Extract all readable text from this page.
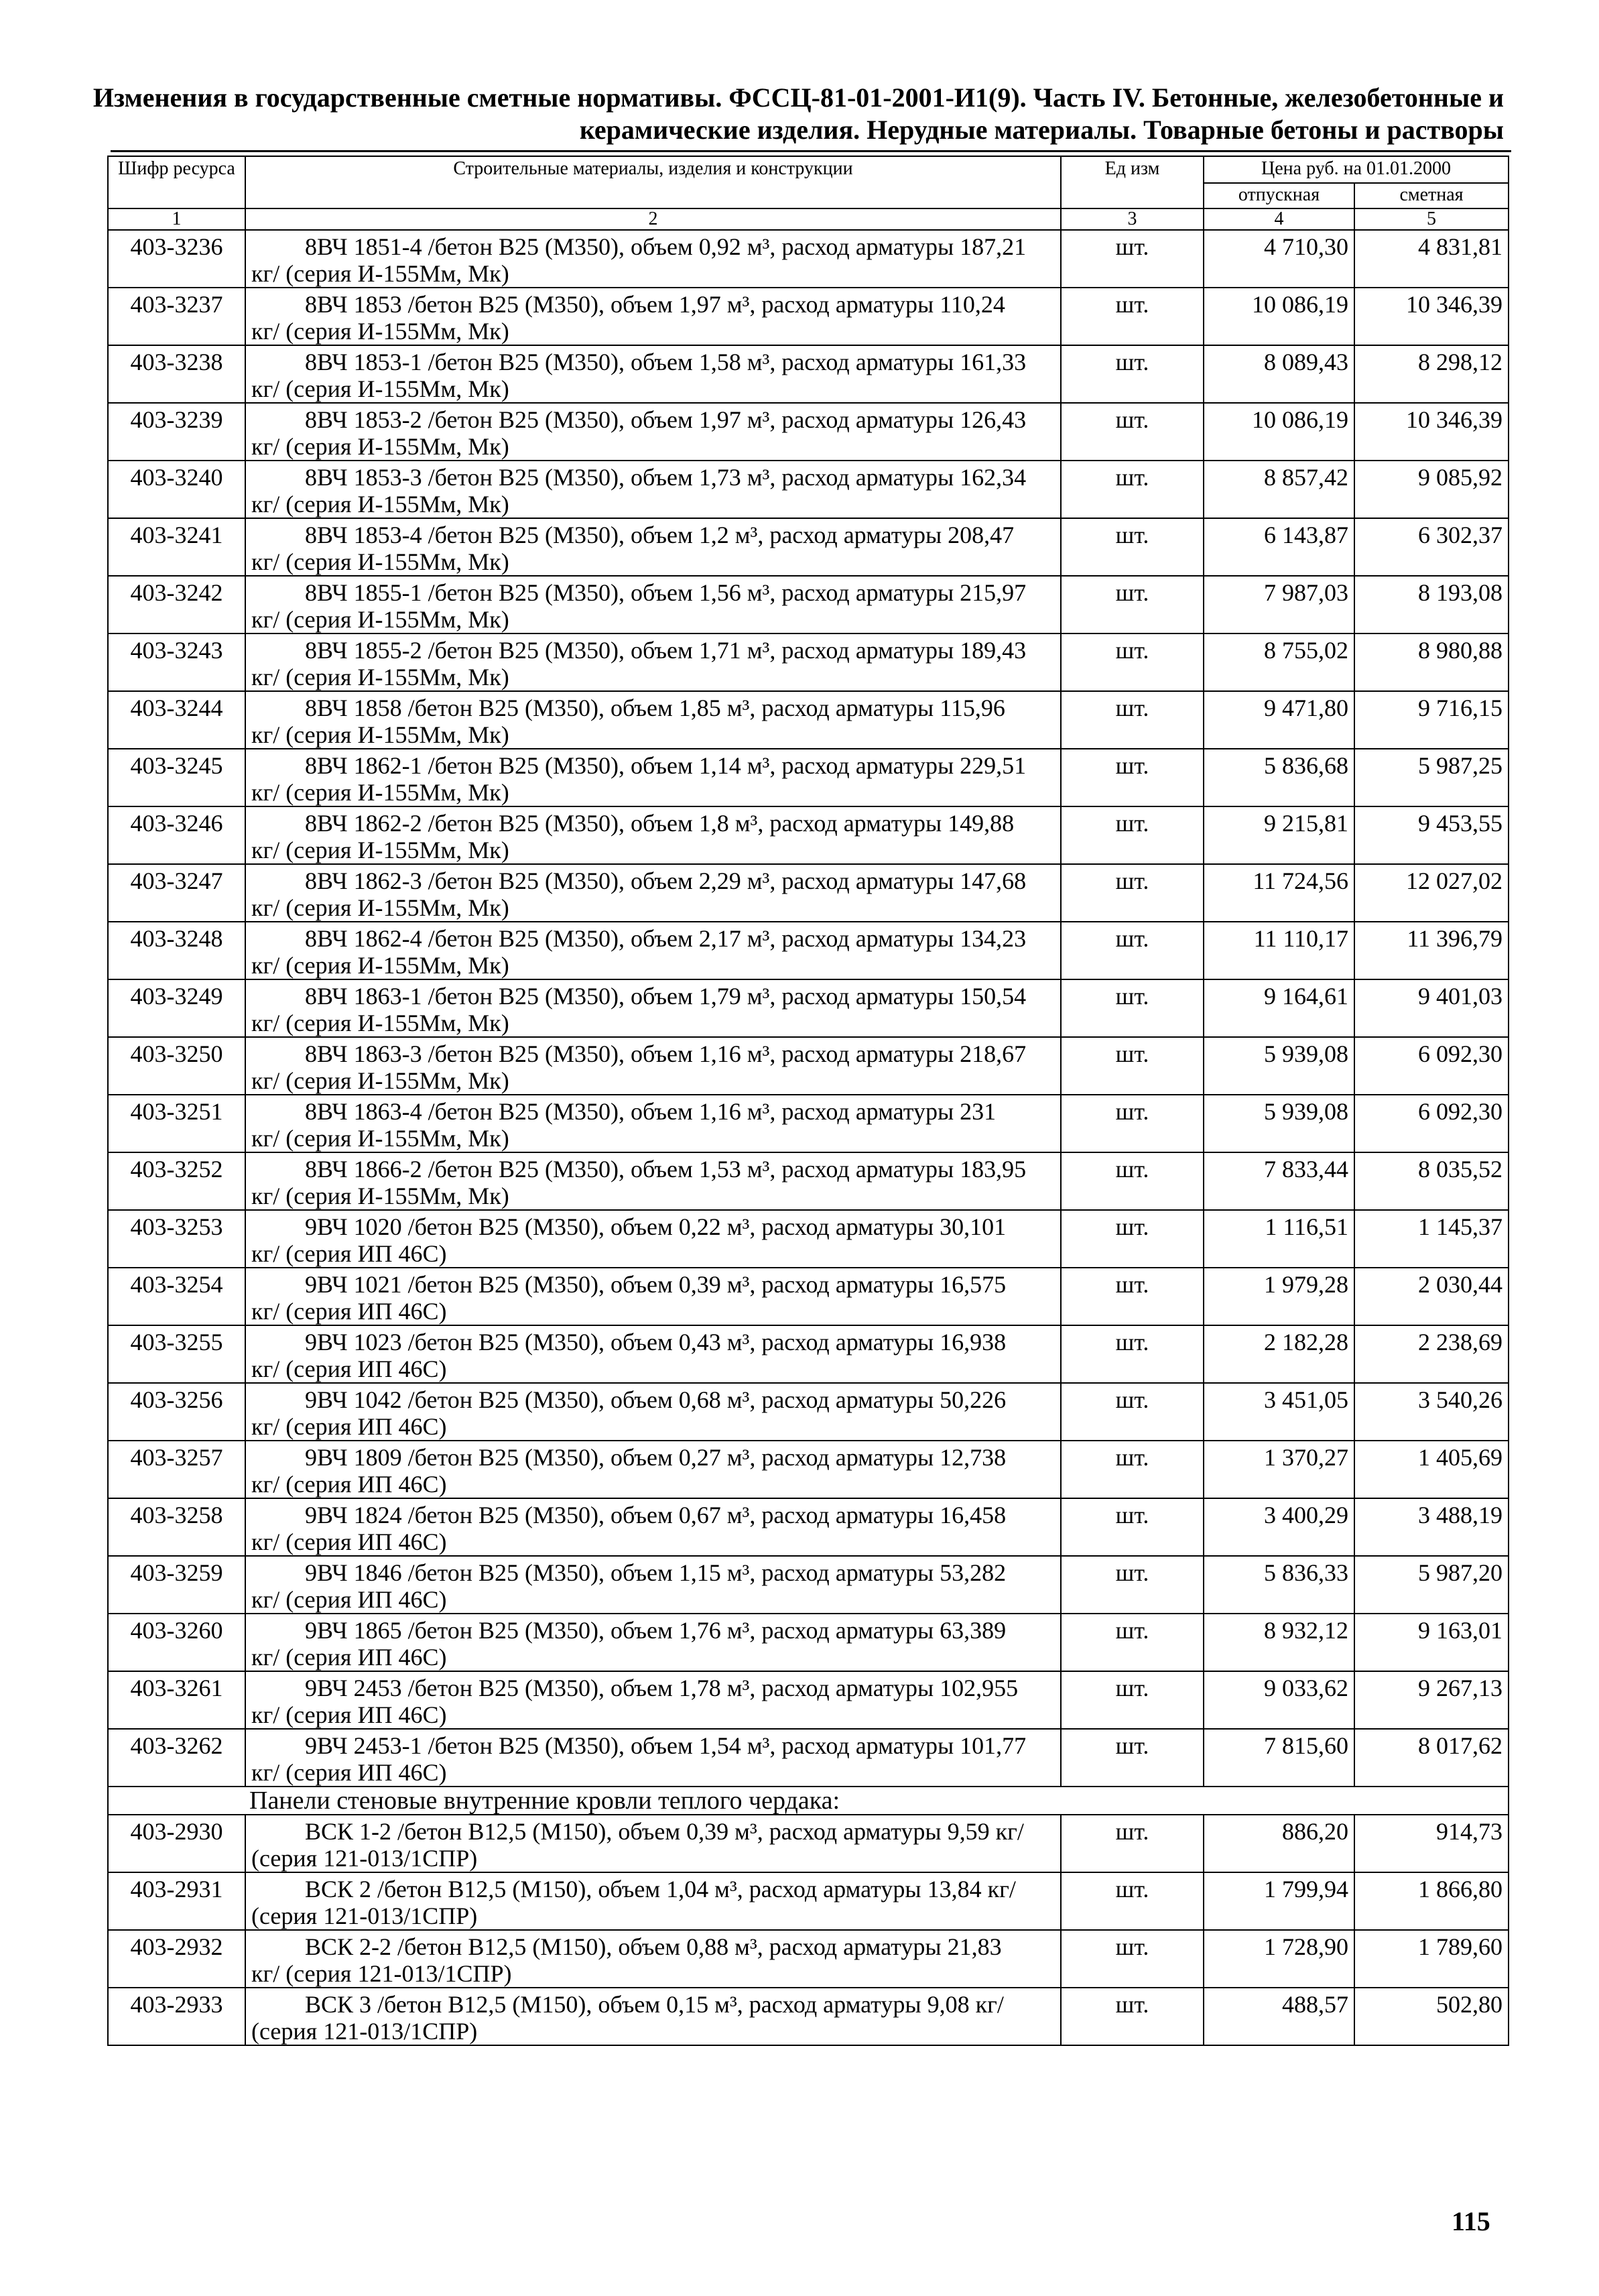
Изменения в государственные сметные нормативы. ФССЦ-81-01-2001-И1(9). Часть IV. Бетонные, железобетонные и
керамические изделия. Нерудные материалы. Товарные бетоны и растворы
Шифр ресурса	Строительные материалы, изделия и конструкции	Ед изм	Цена руб. на 01.01.2000	
			отпускная	сметная
1	2	3	4	5
403-3236	8ВЧ 1851-4 /бетон В25 (М350), объем 0,92 м³, расход арматуры 187,21
кг/ (серия И-155Мм, Мк)	шт.	4 710,30	4 831,81
403-3237	8ВЧ 1853 /бетон В25 (М350), объем 1,97 м³, расход арматуры 110,24
кг/ (серия И-155Мм, Мк)	шт.	10 086,19	10 346,39
403-3238	8ВЧ 1853-1 /бетон В25 (М350), объем 1,58 м³, расход арматуры 161,33
кг/ (серия И-155Мм, Мк)	шт.	8 089,43	8 298,12
403-3239	8ВЧ 1853-2 /бетон В25 (М350), объем 1,97 м³, расход арматуры 126,43
кг/ (серия И-155Мм, Мк)	шт.	10 086,19	10 346,39
403-3240	8ВЧ 1853-3 /бетон В25 (М350), объем 1,73 м³, расход арматуры 162,34
кг/ (серия И-155Мм, Мк)	шт.	8 857,42	9 085,92
403-3241	8ВЧ 1853-4 /бетон В25 (М350), объем 1,2 м³, расход арматуры 208,47
кг/ (серия И-155Мм, Мк)	шт.	6 143,87	6 302,37
403-3242	8ВЧ 1855-1 /бетон В25 (М350), объем 1,56 м³, расход арматуры 215,97
кг/ (серия И-155Мм, Мк)	шт.	7 987,03	8 193,08
403-3243	8ВЧ 1855-2 /бетон В25 (М350), объем 1,71 м³, расход арматуры 189,43
кг/ (серия И-155Мм, Мк)	шт.	8 755,02	8 980,88
403-3244	8ВЧ 1858 /бетон В25 (М350), объем 1,85 м³, расход арматуры 115,96
кг/ (серия И-155Мм, Мк)	шт.	9 471,80	9 716,15
403-3245	8ВЧ 1862-1 /бетон В25 (М350), объем 1,14 м³, расход арматуры 229,51
кг/ (серия И-155Мм, Мк)	шт.	5 836,68	5 987,25
403-3246	8ВЧ 1862-2 /бетон В25 (М350), объем 1,8 м³, расход арматуры 149,88
кг/ (серия И-155Мм, Мк)	шт.	9 215,81	9 453,55
403-3247	8ВЧ 1862-3 /бетон В25 (М350), объем 2,29 м³, расход арматуры 147,68
кг/ (серия И-155Мм, Мк)	шт.	11 724,56	12 027,02
403-3248	8ВЧ 1862-4 /бетон В25 (М350), объем 2,17 м³, расход арматуры 134,23
кг/ (серия И-155Мм, Мк)	шт.	11 110,17	11 396,79
403-3249	8ВЧ 1863-1 /бетон В25 (М350), объем 1,79 м³, расход арматуры 150,54
кг/ (серия И-155Мм, Мк)	шт.	9 164,61	9 401,03
403-3250	8ВЧ 1863-3 /бетон В25 (М350), объем 1,16 м³, расход арматуры 218,67
кг/ (серия И-155Мм, Мк)	шт.	5 939,08	6 092,30
403-3251	8ВЧ 1863-4 /бетон В25 (М350), объем 1,16 м³, расход арматуры 231
кг/ (серия И-155Мм, Мк)	шт.	5 939,08	6 092,30
403-3252	8ВЧ 1866-2 /бетон В25 (М350), объем 1,53 м³, расход арматуры 183,95
кг/ (серия И-155Мм, Мк)	шт.	7 833,44	8 035,52
403-3253	9ВЧ 1020 /бетон В25 (М350), объем 0,22 м³, расход арматуры 30,101
кг/ (серия ИП 46С)	шт.	1 116,51	1 145,37
403-3254	9ВЧ 1021 /бетон В25 (М350), объем 0,39 м³, расход арматуры 16,575
кг/ (серия ИП 46С)	шт.	1 979,28	2 030,44
403-3255	9ВЧ 1023 /бетон В25 (М350), объем 0,43 м³, расход арматуры 16,938
кг/ (серия ИП 46С)	шт.	2 182,28	2 238,69
403-3256	9ВЧ 1042 /бетон В25 (М350), объем 0,68 м³, расход арматуры 50,226
кг/ (серия ИП 46С)	шт.	3 451,05	3 540,26
403-3257	9ВЧ 1809 /бетон В25 (М350), объем 0,27 м³, расход арматуры 12,738
кг/ (серия ИП 46С)	шт.	1 370,27	1 405,69
403-3258	9ВЧ 1824 /бетон В25 (М350), объем 0,67 м³, расход арматуры 16,458
кг/ (серия ИП 46С)	шт.	3 400,29	3 488,19
403-3259	9ВЧ 1846 /бетон В25 (М350), объем 1,15 м³, расход арматуры 53,282
кг/ (серия ИП 46С)	шт.	5 836,33	5 987,20
403-3260	9ВЧ 1865 /бетон В25 (М350), объем 1,76 м³, расход арматуры 63,389
кг/ (серия ИП 46С)	шт.	8 932,12	9 163,01
403-3261	9ВЧ 2453 /бетон В25 (М350), объем 1,78 м³, расход арматуры 102,955
кг/ (серия ИП 46С)	шт.	9 033,62	9 267,13
403-3262	9ВЧ 2453-1 /бетон В25 (М350), объем 1,54 м³, расход арматуры 101,77
кг/ (серия ИП 46С)	шт.	7 815,60	8 017,62
Панели стеновые внутренние кровли теплого чердака:				
403-2930	ВСК 1-2 /бетон В12,5 (М150), объем 0,39 м³, расход арматуры 9,59 кг/
(серия 121-013/1СПР)	шт.	886,20	914,73
403-2931	ВСК 2 /бетон В12,5 (М150), объем 1,04 м³, расход арматуры 13,84 кг/
(серия 121-013/1СПР)	шт.	1 799,94	1 866,80
403-2932	ВСК 2-2 /бетон В12,5 (М150), объем 0,88 м³, расход арматуры 21,83
кг/ (серия 121-013/1СПР)	шт.	1 728,90	1 789,60
403-2933	ВСК 3 /бетон В12,5 (М150), объем 0,15 м³, расход арматуры 9,08 кг/
(серия 121-013/1СПР)	шт.	488,57	502,80
115
